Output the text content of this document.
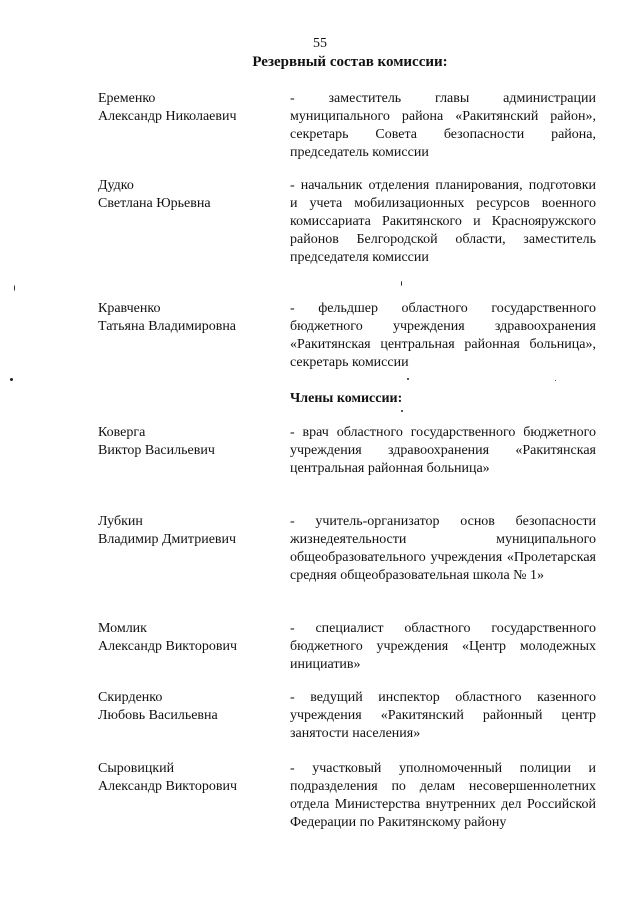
55
Резервный состав комиссии:
Еременко
Александр Николаевич
- заместитель главы администрации муниципального района «Ракитянский район», секретарь Совета безопасности района, председатель комиссии
Дудко
Светлана Юрьевна
- начальник отделения планирования, подготовки и учета мобилизационных ресурсов военного комиссариата Ракитянского и Краснояружского районов Белгородской области, заместитель председателя комиссии
Кравченко
Татьяна Владимировна
- фельдшер областного государственного бюджетного учреждения здравоохранения «Ракитянская центральная районная больница», секретарь комиссии
Члены комиссии:
Коверга
Виктор Васильевич
- врач областного государственного бюджетного учреждения здравоохранения «Ракитянская центральная районная больница»
Лубкин
Владимир Дмитриевич
- учитель-организатор основ безопасности жизнедеятельности муниципального общеобразовательного учреждения «Пролетарская средняя общеобразовательная школа № 1»
Момлик
Александр Викторович
- специалист областного государственного бюджетного учреждения «Центр молодежных инициатив»
Скирденко
Любовь Васильевна
- ведущий инспектор областного казенного учреждения «Ракитянский районный центр занятости населения»
Сыровицкий
Александр Викторович
- участковый уполномоченный полиции и подразделения по делам несовершеннолетних отдела Министерства внутренних дел Российской Федерации по Ракитянскому району
